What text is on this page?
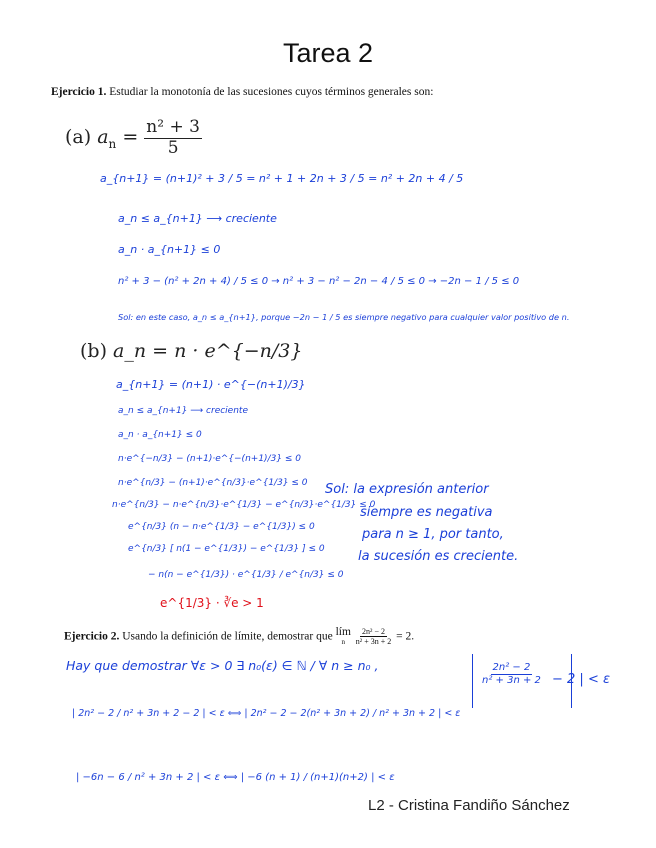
Tarea 2
Ejercicio 1. Estudiar la monotonía de las sucesiones cuyos términos generales son:
(a) $a_n = \frac{\text{n² + 3}}{5}$
a_{n+1} = (n+1)² + 3 / 5 = n² + 1 + 2n + 3 / 5 = n² + 2n + 4 / 5
a_n ≤ a_{n+1} ⟶ creciente
a_n · a_{n+1} ≤ 0
n² + 3 − (n² + 2n + 4) / 5 ≤ 0 → n² + 3 − n² − 2n − 4 / 5 ≤ 0 → −2n − 1 / 5 ≤ 0
Sol: en este caso, a_n ≤ a_{n+1}, porque −2n − 1 / 5 es siempre negativo para cualquier valor positivo de n.
(b) a_n = n · e^{−n/3}
a_{n+1} = (n+1) · e^{−(n+1)/3}
a_n ≤ a_{n+1} ⟶ creciente
a_n · a_{n+1} ≤ 0
n·e^{−n/3} − (n+1)·e^{−(n+1)/3} ≤ 0
n·e^{n/3} − (n+1)·e^{n/3}·e^{1/3} ≤ 0
n·e^{n/3} − n·e^{n/3}·e^{1/3} − e^{n/3}·e^{1/3} ≤ 0
e^{n/3} (n − n·e^{1/3} − e^{1/3}) ≤ 0
e^{n/3} [ n(1 − e^{1/3}) − e^{1/3} ] ≤ 0
− n(n − e^{1/3}) · e^{1/3} / e^{n/3} ≤ 0
e^{1/3} · ∛e > 1
Sol: la expresión anterior
siempre es negativa
para n ≥ 1, por tanto,
la sucesión es creciente.
Ejercicio 2. Usando la definición de límite, demostrar que lím
n
$\frac{\text{2n² − 2}}{\text{n² + 3n + 2}} = 2$.
Hay que demostrar ∀ε > 0 ∃ n₀(ε) ∈ ℕ / ∀ n ≥ n₀ ,	$\frac{\text{2n² − 2}}{\text{n² + 3n + 2}} - 2$ | < ε
| 2n² − 2 / n² + 3n + 2 − 2 | < ε ⟺ | 2n² − 2 − 2(n² + 3n + 2) / n² + 3n + 2 | < ε
| −6n − 6 / n² + 3n + 2 | < ε ⟺ | −6 (n + 1) / (n+1)(n+2) | < ε
L2 - Cristina Fandiño Sánchez
